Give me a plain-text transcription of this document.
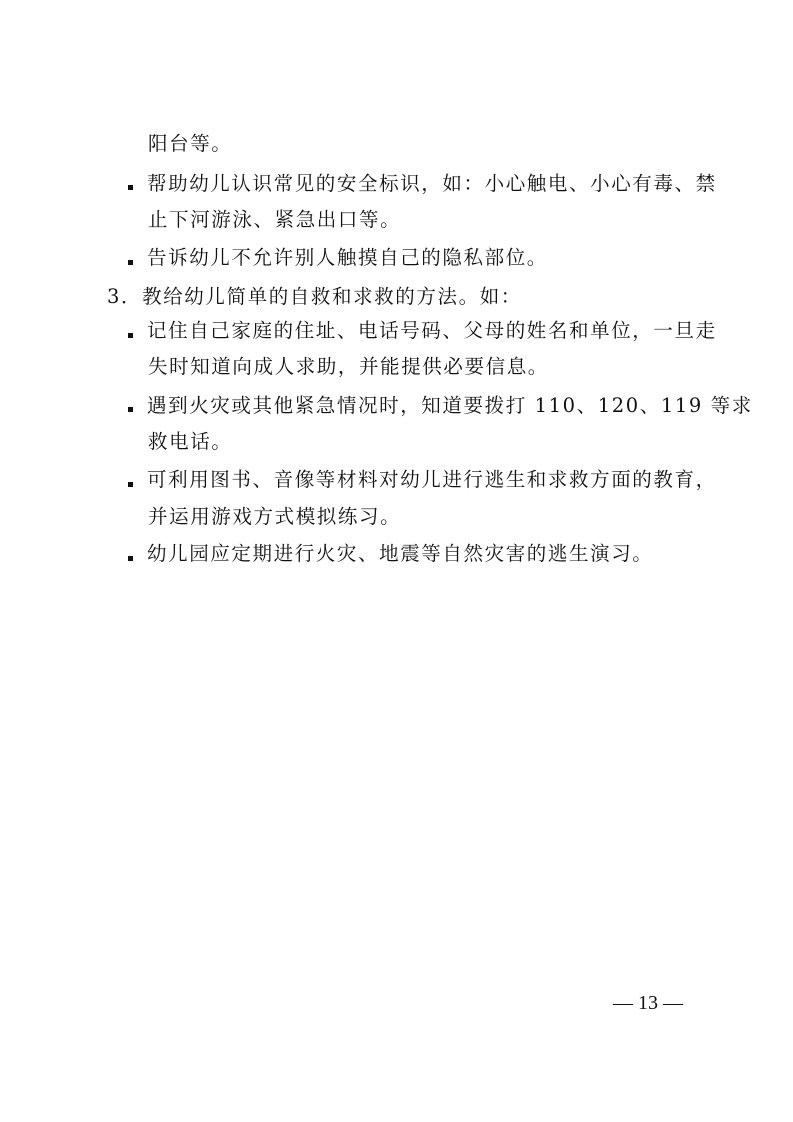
阳台等。
帮助幼儿认识常见的安全标识，如：小心触电、小心有毒、禁
止下河游泳、紧急出口等。
告诉幼儿不允许别人触摸自己的隐私部位。
3．教给幼儿简单的自救和求救的方法。如：
记住自己家庭的住址、电话号码、父母的姓名和单位，一旦走
失时知道向成人求助，并能提供必要信息。
遇到火灾或其他紧急情况时，知道要拨打 110、120、119 等求
救电话。
可利用图书、音像等材料对幼儿进行逃生和求救方面的教育，
并运用游戏方式模拟练习。
幼儿园应定期进行火灾、地震等自然灾害的逃生演习。
— 13 —
